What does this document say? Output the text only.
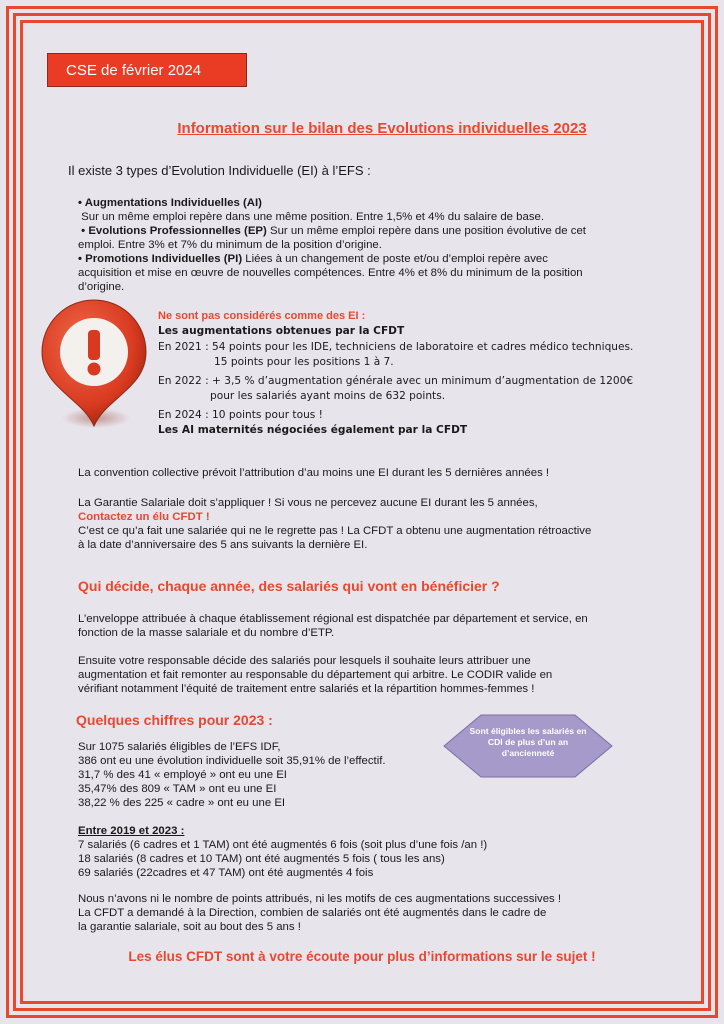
CSE de février 2024
Information sur le bilan des Evolutions individuelles 2023
Il existe 3 types d’Evolution Individuelle (EI) à l’EFS :
• Augmentations Individuelles (AI)
Sur un même emploi repère dans une même position. Entre 1,5% et 4% du salaire de base.
• Evolutions Professionnelles (EP) Sur un même emploi repère dans une position évolutive de cet
emploi. Entre 3% et 7% du minimum de la position d’origine.
• Promotions Individuelles (PI) Liées à un changement de poste et/ou d’emploi repère avec
acquisition et mise en œuvre de nouvelles compétences. Entre 4% et 8% du minimum de la position
d’origine.
Ne sont pas considérés comme des EI :
Les augmentations obtenues par la CFDT
En 2021 : 54 points pour les IDE, techniciens de laboratoire et cadres médico techniques.
15 points pour les positions 1 à 7.
En 2022 : + 3,5 % d’augmentation générale avec un minimum d’augmentation de 1200€
pour les salariés ayant moins de 632 points.
En 2024 : 10 points pour tous !
Les AI maternités négociées également par la CFDT
La convention collective prévoit l’attribution d’au moins une EI durant les 5 dernières années !
La Garantie Salariale doit s’appliquer ! Si vous ne percevez aucune EI durant les 5 années,
Contactez un élu CFDT !
C’est ce qu’a fait une salariée qui ne le regrette pas ! La CFDT a obtenu une augmentation rétroactive
à la date d’anniversaire des 5 ans suivants la dernière EI.
Qui décide, chaque année, des salariés qui vont en bénéficier ?
L’enveloppe attribuée à chaque établissement régional est dispatchée par département et service, en
fonction de la masse salariale et du nombre d’ETP.
Ensuite votre responsable décide des salariés pour lesquels il souhaite leurs attribuer une
augmentation et fait remonter au responsable du département qui arbitre. Le CODIR valide en
vérifiant notamment l’équité de traitement entre salariés et la répartition hommes-femmes !
Quelques chiffres pour 2023 :
Sur 1075 salariés éligibles de l’EFS IDF,
386 ont eu une évolution individuelle soit 35,91% de l’effectif.
31,7 % des 41 « employé » ont eu une EI
35,47% des 809 « TAM » ont eu une EI
38,22 % des 225 « cadre » ont eu une EI
Sont éligibles les salariés en CDI de plus d’un an d’ancienneté
Entre 2019 et 2023 :
7 salariés (6 cadres et 1 TAM) ont été augmentés 6 fois (soit plus d’une fois /an !)
18 salariés (8 cadres et 10 TAM) ont été augmentés 5 fois ( tous les ans)
69 salariés (22cadres et 47 TAM) ont été augmentés 4 fois
Nous n’avons ni le nombre de points attribués, ni les motifs de ces augmentations successives !
La CFDT a demandé à la Direction, combien de salariés ont été augmentés dans le cadre de
la garantie salariale, soit au bout des 5 ans !
Les élus CFDT sont à votre écoute pour plus d’informations sur le sujet !
